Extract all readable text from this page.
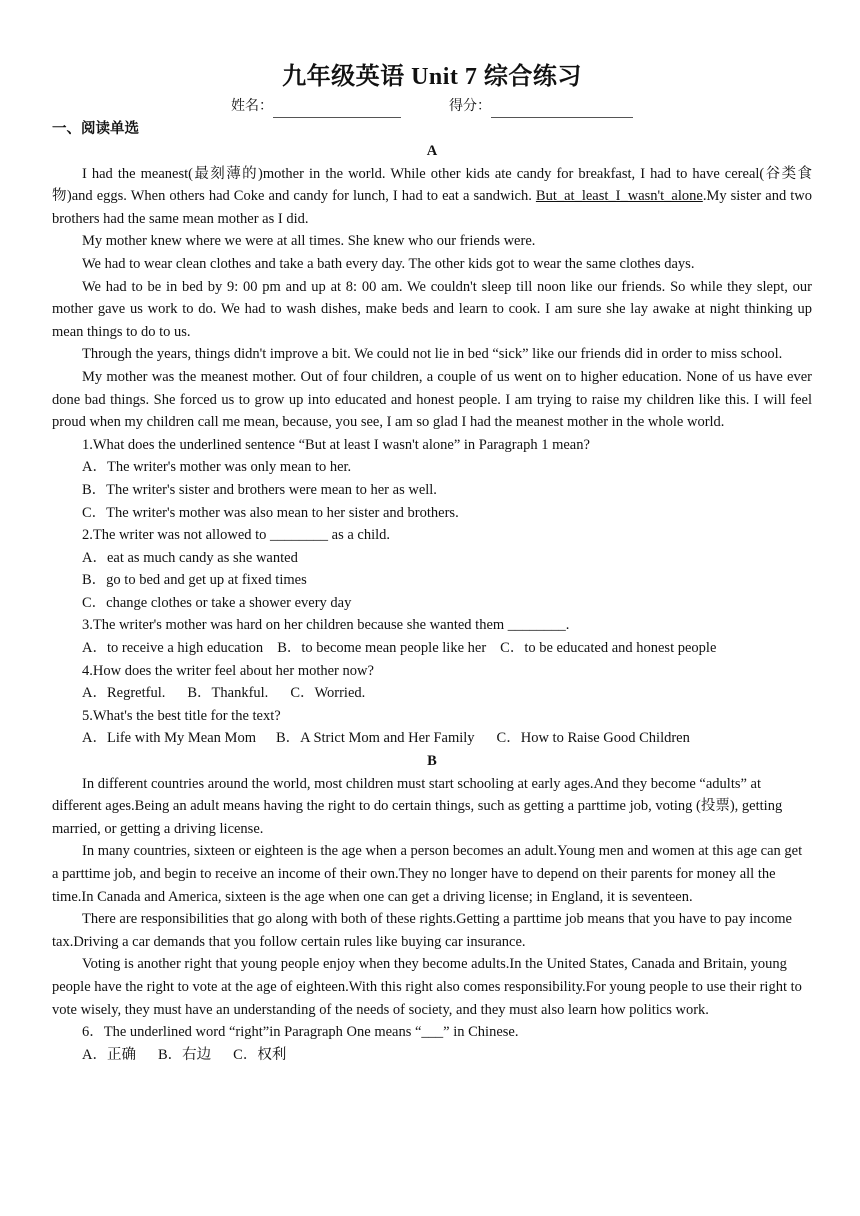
九年级英语 Unit 7 综合练习
姓名：	得分：
一、阅读单选
A

I had the meanest(最刻薄的)mother in the world. While other kids ate candy for breakfast, I had to have cereal(谷类食物)and eggs. When others had Coke and candy for lunch, I had to eat a sandwich. But_at_least_I_wasn't_alone.My sister and two brothers had the same mean mother as I did.

My mother knew where we were at all times. She knew who our friends were.

We had to wear clean clothes and take a bath every day. The other kids got to wear the same clothes days.

We had to be in bed by 9: 00 pm and up at 8: 00 am. We couldn't sleep till noon like our friends. So while they slept, our mother gave us work to do. We had to wash dishes, make beds and learn to cook. I am sure she lay awake at night thinking up mean things to do to us.

Through the years, things didn't improve a bit. We could not lie in bed “sick” like our friends did in order to miss school.

My mother was the meanest mother. Out of four children, a couple of us went on to higher education. None of us have ever done bad things. She forced us to grow up into educated and honest people. I am trying to raise my children like this. I will feel proud when my children call me mean, because, you see, I am so glad I had the meanest mother in the whole world.

1.What does the underlined sentence “But at least I wasn't alone” in Paragraph 1 mean?

A．The writer's mother was only mean to her.

B．The writer's sister and brothers were mean to her as well.

C．The writer's mother was also mean to her sister and brothers.

2.The writer was not allowed to ________ as a child.

A．eat as much candy as she wanted

B．go to bed and get up at fixed times

C．change clothes or take a shower every day

3.The writer's mother was hard on her children because she wanted them ________.

A．to receive a high education B．to become mean people like her C．to be educated and honest people

4.How does the writer feel about her mother now?

A．Regretful. B．Thankful. C．Worried.

5.What's the best title for the text?

A．Life with My Mean Mom B．A Strict Mom and Her Family C．How to Raise Good Children

B

In different countries around the world, most children must start schooling at early ages.And they become “adults” at different ages.Being an adult means having the right to do certain things, such as getting a parttime job, voting (投票), getting married, or getting a driving license.

In many countries, sixteen or eighteen is the age when a person becomes an adult.Young men and women at this age can get a parttime job, and begin to receive an income of their own.They no longer have to depend on their parents for money all the time.In Canada and America, sixteen is the age when one can get a driving license; in England, it is seventeen.

There are responsibilities that go along with both of these rights.Getting a parttime job means that you have to pay income tax.Driving a car demands that you follow certain rules like buying car insurance.

Voting is another right that young people enjoy when they become adults.In the United States, Canada and Britain, young people have the right to vote at the age of eighteen.With this right also comes responsibility.For young people to use their right to vote wisely, they must have an understanding of the needs of society, and they must also learn how politics work.

6．The underlined word “right”in Paragraph One means “___” in Chinese.

A．正确 B．右边 C．权利
